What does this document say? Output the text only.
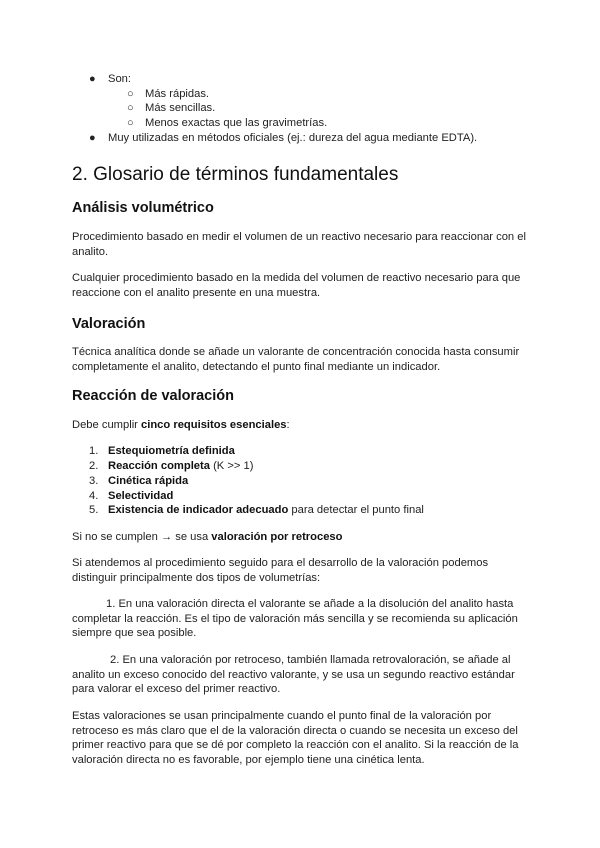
● Son:
○ Más rápidas.
○ Más sencillas.
○ Menos exactas que las gravimetrías.
● Muy utilizadas en métodos oficiales (ej.: dureza del agua mediante EDTA).
2. Glosario de términos fundamentales
Análisis volumétrico
Procedimiento basado en medir el volumen de un reactivo necesario para reaccionar con el analito.
Cualquier procedimiento basado en la medida del volumen de reactivo necesario para que reaccione con el analito presente en una muestra.
Valoración
Técnica analítica donde se añade un valorante de concentración conocida hasta consumir completamente el analito, detectando el punto final mediante un indicador.
Reacción de valoración
Debe cumplir cinco requisitos esenciales:
1. Estequiometría definida
2. Reacción completa (K >> 1)
3. Cinética rápida
4. Selectividad
5. Existencia de indicador adecuado para detectar el punto final
Si no se cumplen → se usa valoración por retroceso
Si atendemos al procedimiento seguido para el desarrollo de la valoración podemos distinguir principalmente dos tipos de volumetrías:
1. En una valoración directa el valorante se añade a la disolución del analito hasta completar la reacción. Es el tipo de valoración más sencilla y se recomienda su aplicación siempre que sea posible.
2. En una valoración por retroceso, también llamada retrovaloración, se añade al analito un exceso conocido del reactivo valorante, y se usa un segundo reactivo estándar para valorar el exceso del primer reactivo.
Estas valoraciones se usan principalmente cuando el punto final de la valoración por retroceso es más claro que el de la valoración directa o cuando se necesita un exceso del primer reactivo para que se dé por completo la reacción con el analito. Si la reacción de la valoración directa no es favorable, por ejemplo tiene una cinética lenta.
